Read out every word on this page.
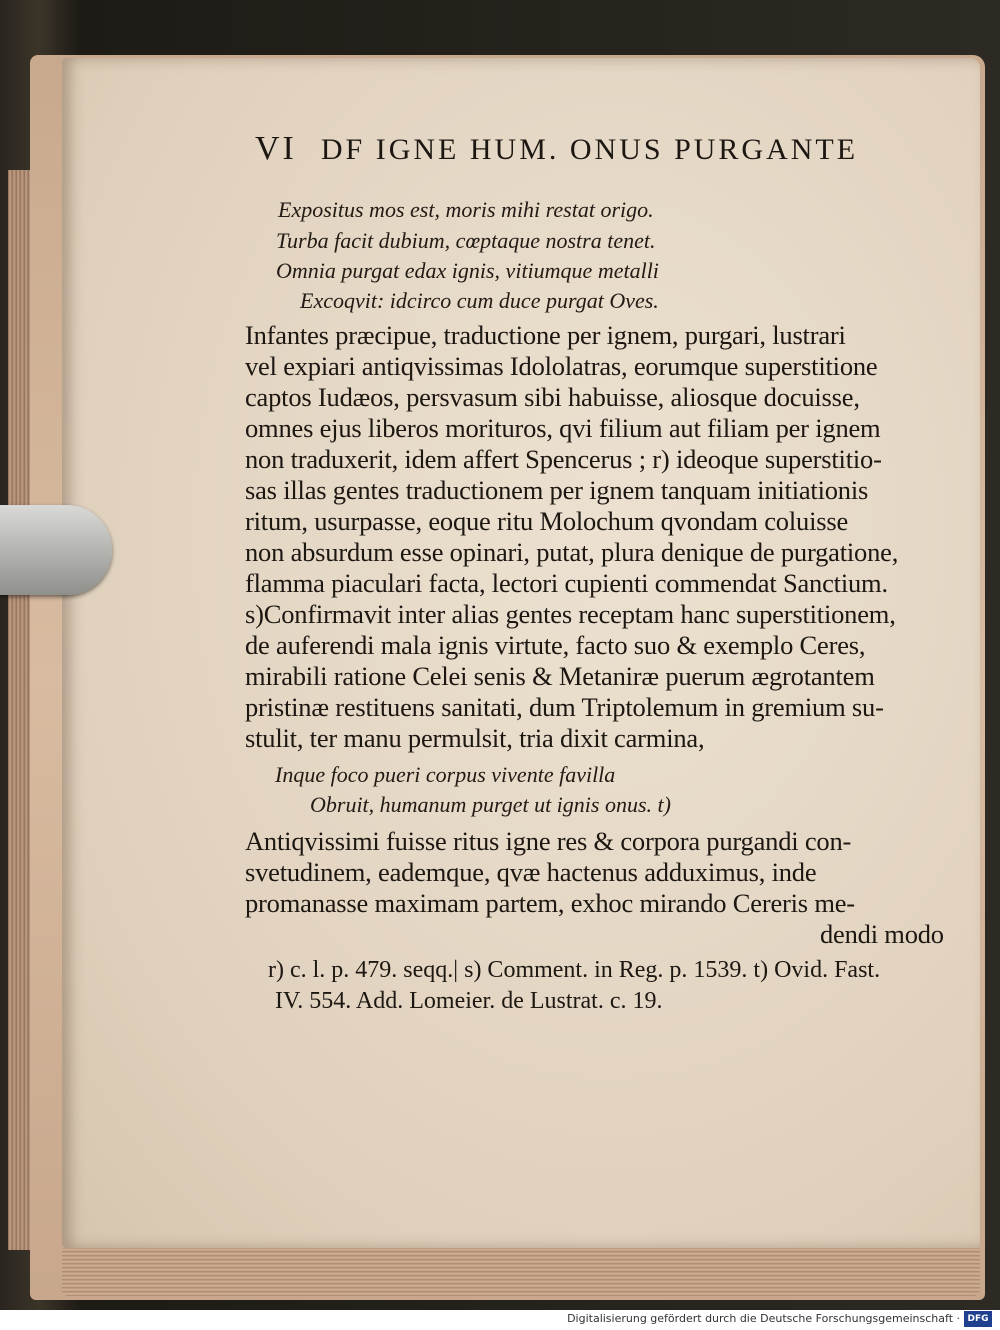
VI DF IGNE HUM. ONUS PURGANTE
Expositus mos est, moris mihi restat origo.
Turba facit dubium, cœptaque nostra tenet.
Omnia purgat edax ignis, vitiumque metalli
Excoqvit: idcirco cum duce purgat Oves.
Infantes præcipue, traductione per ignem, purgari, lustrari
vel expiari antiqvissimas Idololatras, eorumque superstitione
captos Iudæos, persvasum sibi habuisse, aliosque docuisse,
omnes ejus liberos morituros, qvi filium aut filiam per ignem
non traduxerit, idem affert Spencerus ; r) ideoque superstitio-
sas illas gentes traductionem per ignem tanquam initiationis
ritum, usurpasse, eoque ritu Molochum qvondam coluisse
non absurdum esse opinari, putat, plura denique de purgatione,
flamma piaculari facta, lectori cupienti commendat Sanctium.
s)Confirmavit inter alias gentes receptam hanc superstitionem,
de auferendi mala ignis virtute, facto suo & exemplo Ceres,
mirabili ratione Celei senis & Metaniræ puerum ægrotantem
pristinæ restituens sanitati, dum Triptolemum in gremium su-
stulit, ter manu permulsit, tria dixit carmina,
Inque foco pueri corpus vivente favilla
Obruit, humanum purget ut ignis onus. t)
Antiqvissimi fuisse ritus igne res & corpora purgandi con-
svetudinem, eademque, qvæ hactenus adduximus, inde
promanasse maximam partem, exhoc mirando Cereris me-
dendi modo
r) c. l. p. 479. seqq.| s) Comment. in Reg. p. 1539. t) Ovid. Fast.
IV. 554. Add. Lomeier. de Lustrat. c. 19.
Digitalisierung gefördert durch die Deutsche Forschungsgemeinschaft · DFG
